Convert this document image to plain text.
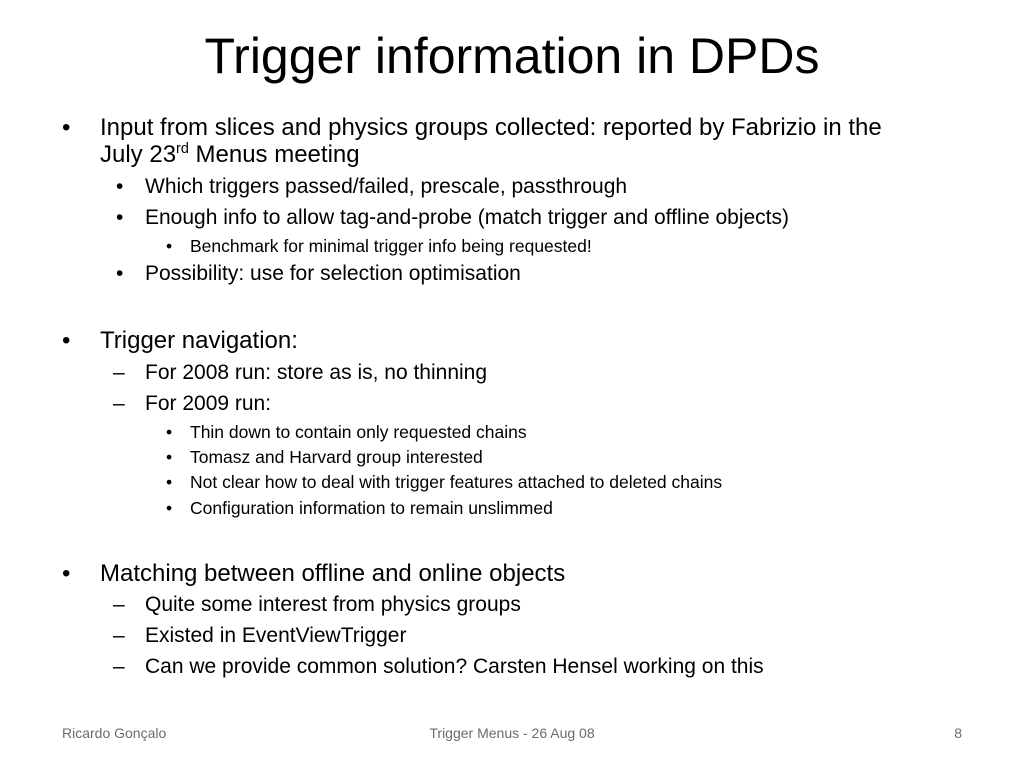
Trigger information in DPDs
• Input from slices and physics groups collected: reported by Fabrizio in the
July 23rd Menus meeting
• Which triggers passed/failed, prescale, passthrough
• Enough info to allow tag-and-probe (match trigger and offline objects)
• Benchmark for minimal trigger info being requested!
• Possibility: use for selection optimisation
• Trigger navigation:
– For 2008 run: store as is, no thinning
– For 2009 run:
• Thin down to contain only requested chains
• Tomasz and Harvard group interested
• Not clear how to deal with trigger features attached to deleted chains
• Configuration information to remain unslimmed
• Matching between offline and online objects
– Quite some interest from physics groups
– Existed in EventViewTrigger
– Can we provide common solution? Carsten Hensel working on this
Ricardo Gonçalo	Trigger Menus - 26 Aug 08	8
